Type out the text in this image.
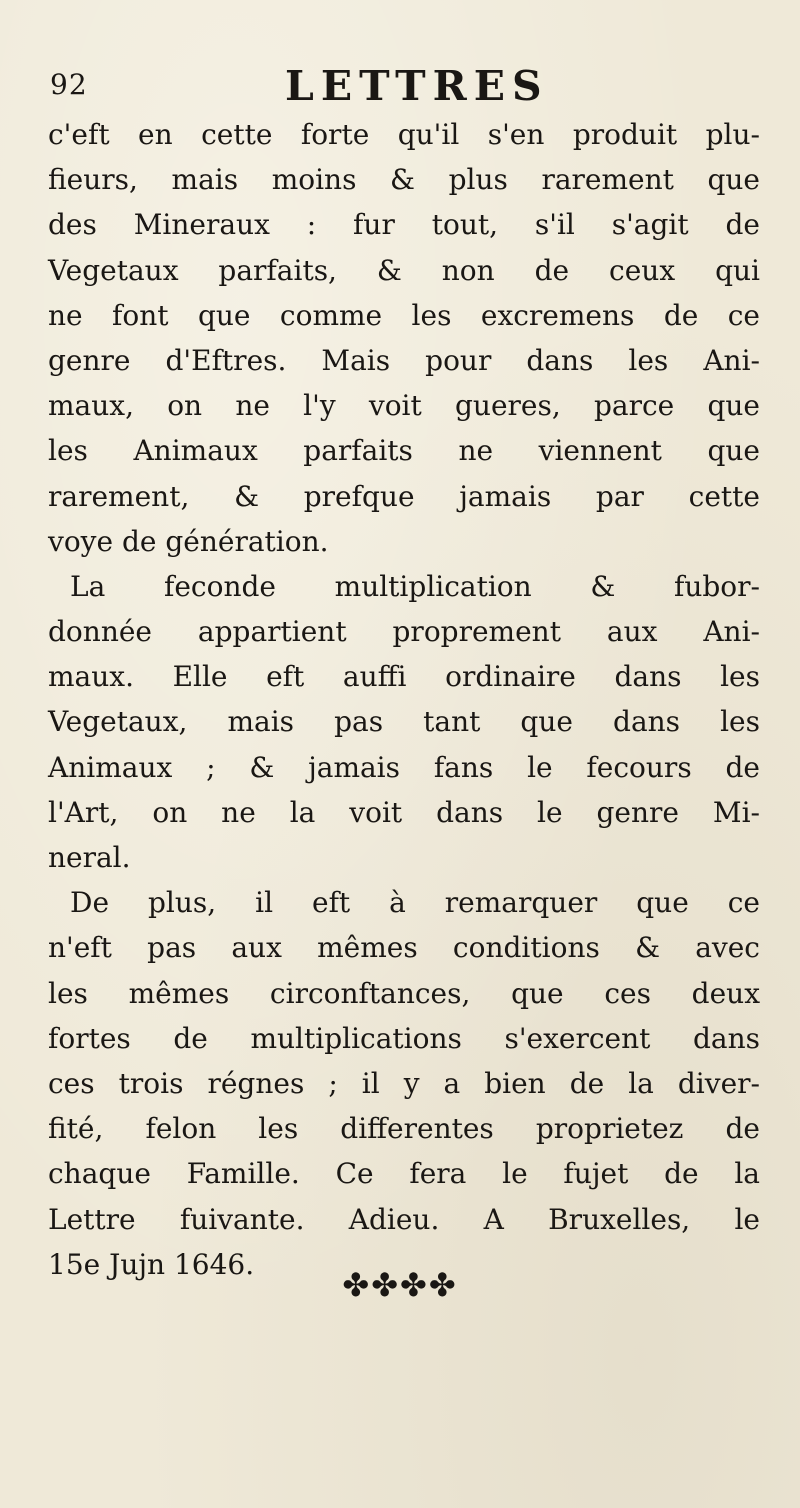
92	LETTRES
c'eft en cette forte qu'il s'en produit plu-
fieurs, mais moins & plus rarement que
des Mineraux : fur tout, s'il s'agit de
Vegetaux parfaits, & non de ceux qui
ne font que comme les excremens de ce
genre d'Eftres. Mais pour dans les Ani-
maux, on ne l'y voit gueres, parce que
les Animaux parfaits ne viennent que
rarement, & prefque jamais par cette
voye de génération.
La feconde multiplication & fubor-
donnée appartient proprement aux Ani-
maux. Elle eft auffi ordinaire dans les
Vegetaux, mais pas tant que dans les
Animaux ; & jamais fans le fecours de
l'Art, on ne la voit dans le genre Mi-
neral.
De plus, il eft à remarquer que ce
n'eft pas aux mêmes conditions & avec
les mêmes circonftances, que ces deux
fortes de multiplications s'exercent dans
ces trois régnes ; il y a bien de la diver-
fité, felon les differentes proprietez de
chaque Famille. Ce fera le fujet de la
Lettre fuivante. Adieu. A Bruxelles, le
15e Jujn 1646.
✤✤✤✤
